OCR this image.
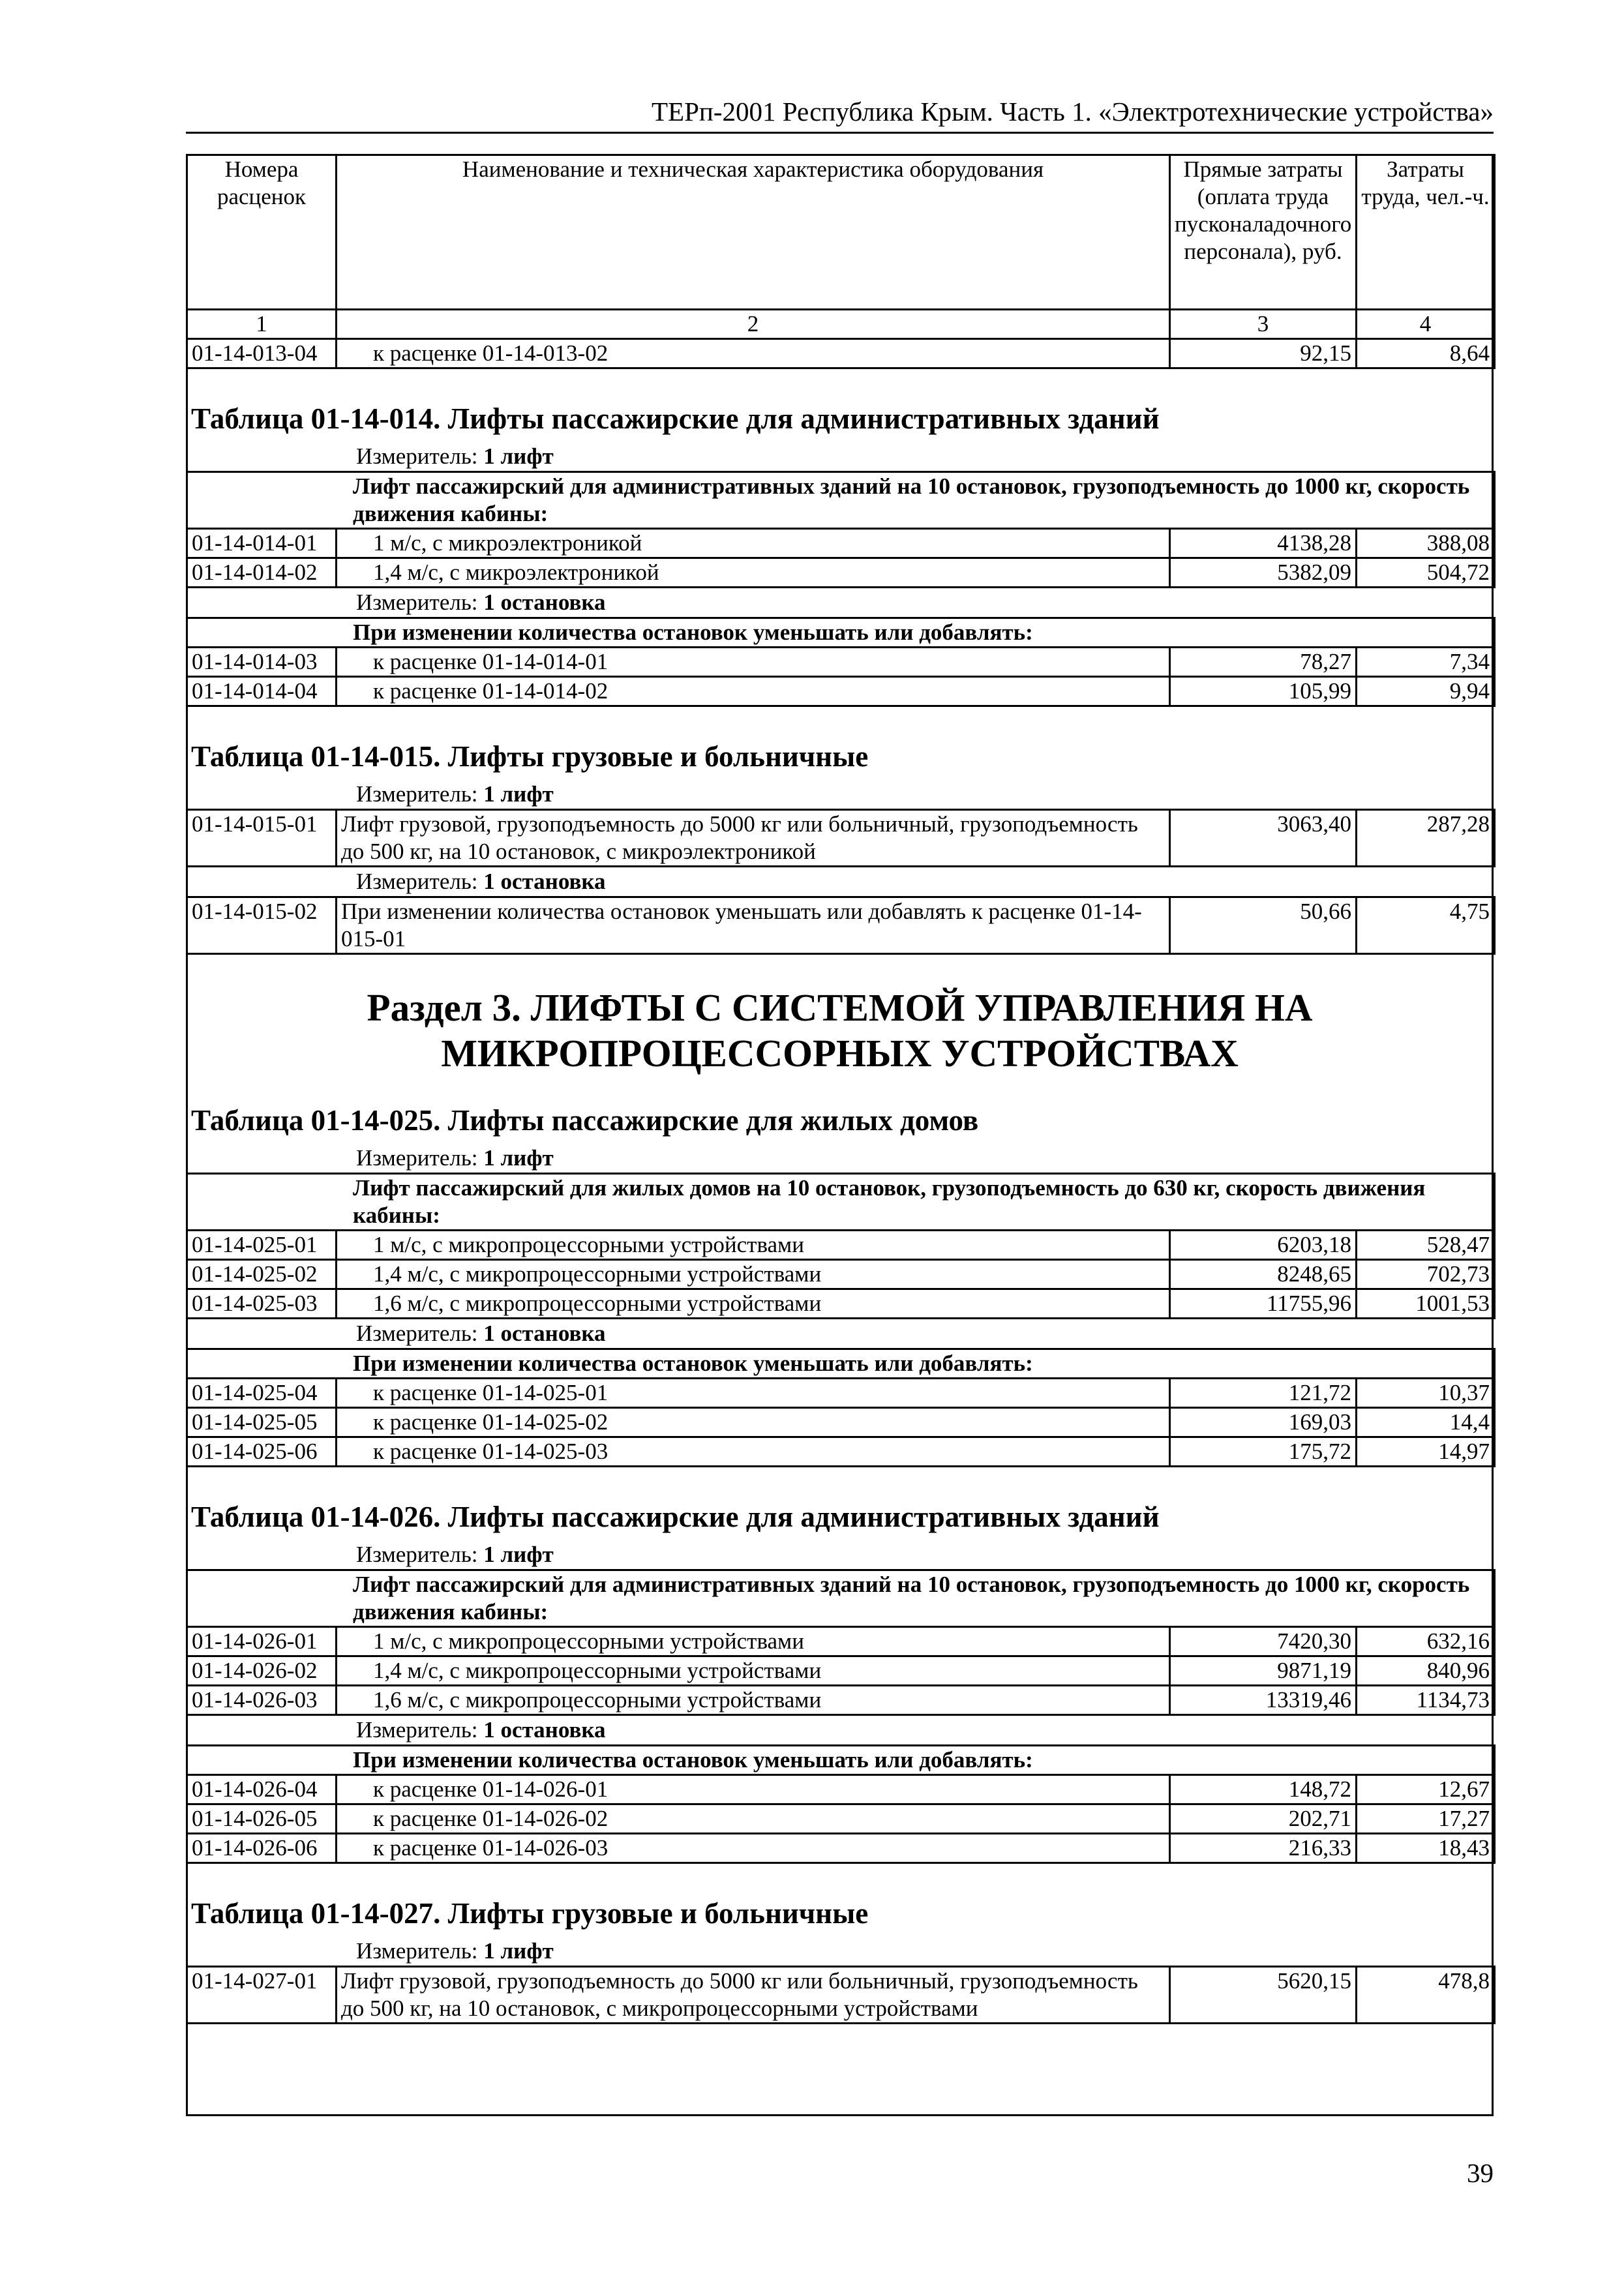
ТЕРп-2001 Республика Крым. Часть 1. «Электротехнические устройства»
Номера расценок	Наименование и техническая характеристика оборудования	Прямые затраты (оплата труда пусконаладочного персонала), руб.	Затраты труда, чел.-ч.
1	2	3	4
01-14-013-04	к расценке 01-14-013-02	92,15	8,64
Таблица 01-14-014. Лифты пассажирские для административных зданий
Измеритель: 1 лифт
Лифт пассажирский для административных зданий на 10 остановок, грузоподъемность до 1000 кг, скорость движения кабины:			
01-14-014-01	1 м/с, с микроэлектроникой	4138,28	388,08
01-14-014-02	1,4 м/с, с микроэлектроникой	5382,09	504,72
Измеритель: 1 остановка
При изменении количества остановок уменьшать или добавлять:			
01-14-014-03	к расценке 01-14-014-01	78,27	7,34
01-14-014-04	к расценке 01-14-014-02	105,99	9,94
Таблица 01-14-015. Лифты грузовые и больничные
Измеритель: 1 лифт
01-14-015-01	Лифт грузовой, грузоподъемность до 5000 кг или больничный, грузоподъемность до 500 кг, на 10 остановок, с микроэлектроникой	3063,40	287,28
Измеритель: 1 остановка
01-14-015-02	При изменении количества остановок уменьшать или добавлять к расценке 01-14-015-01	50,66	4,75
Раздел 3. ЛИФТЫ С СИСТЕМОЙ УПРАВЛЕНИЯ НА
МИКРОПРОЦЕССОРНЫХ УСТРОЙСТВАХ
Таблица 01-14-025. Лифты пассажирские для жилых домов
Измеритель: 1 лифт
Лифт пассажирский для жилых домов на 10 остановок, грузоподъемность до 630 кг, скорость движения кабины:			
01-14-025-01	1 м/с, с микропроцессорными устройствами	6203,18	528,47
01-14-025-02	1,4 м/с, с микропроцессорными устройствами	8248,65	702,73
01-14-025-03	1,6 м/с, с микропроцессорными устройствами	11755,96	1001,53
Измеритель: 1 остановка
При изменении количества остановок уменьшать или добавлять:			
01-14-025-04	к расценке 01-14-025-01	121,72	10,37
01-14-025-05	к расценке 01-14-025-02	169,03	14,4
01-14-025-06	к расценке 01-14-025-03	175,72	14,97
Таблица 01-14-026. Лифты пассажирские для административных зданий
Измеритель: 1 лифт
Лифт пассажирский для административных зданий на 10 остановок, грузоподъемность до 1000 кг, скорость движения кабины:			
01-14-026-01	1 м/с, с микропроцессорными устройствами	7420,30	632,16
01-14-026-02	1,4 м/с, с микропроцессорными устройствами	9871,19	840,96
01-14-026-03	1,6 м/с, с микропроцессорными устройствами	13319,46	1134,73
Измеритель: 1 остановка
При изменении количества остановок уменьшать или добавлять:			
01-14-026-04	к расценке 01-14-026-01	148,72	12,67
01-14-026-05	к расценке 01-14-026-02	202,71	17,27
01-14-026-06	к расценке 01-14-026-03	216,33	18,43
Таблица 01-14-027. Лифты грузовые и больничные
Измеритель: 1 лифт
01-14-027-01	Лифт грузовой, грузоподъемность до 5000 кг или больничный, грузоподъемность до 500 кг, на 10 остановок, с микропроцессорными устройствами	5620,15	478,8
39
